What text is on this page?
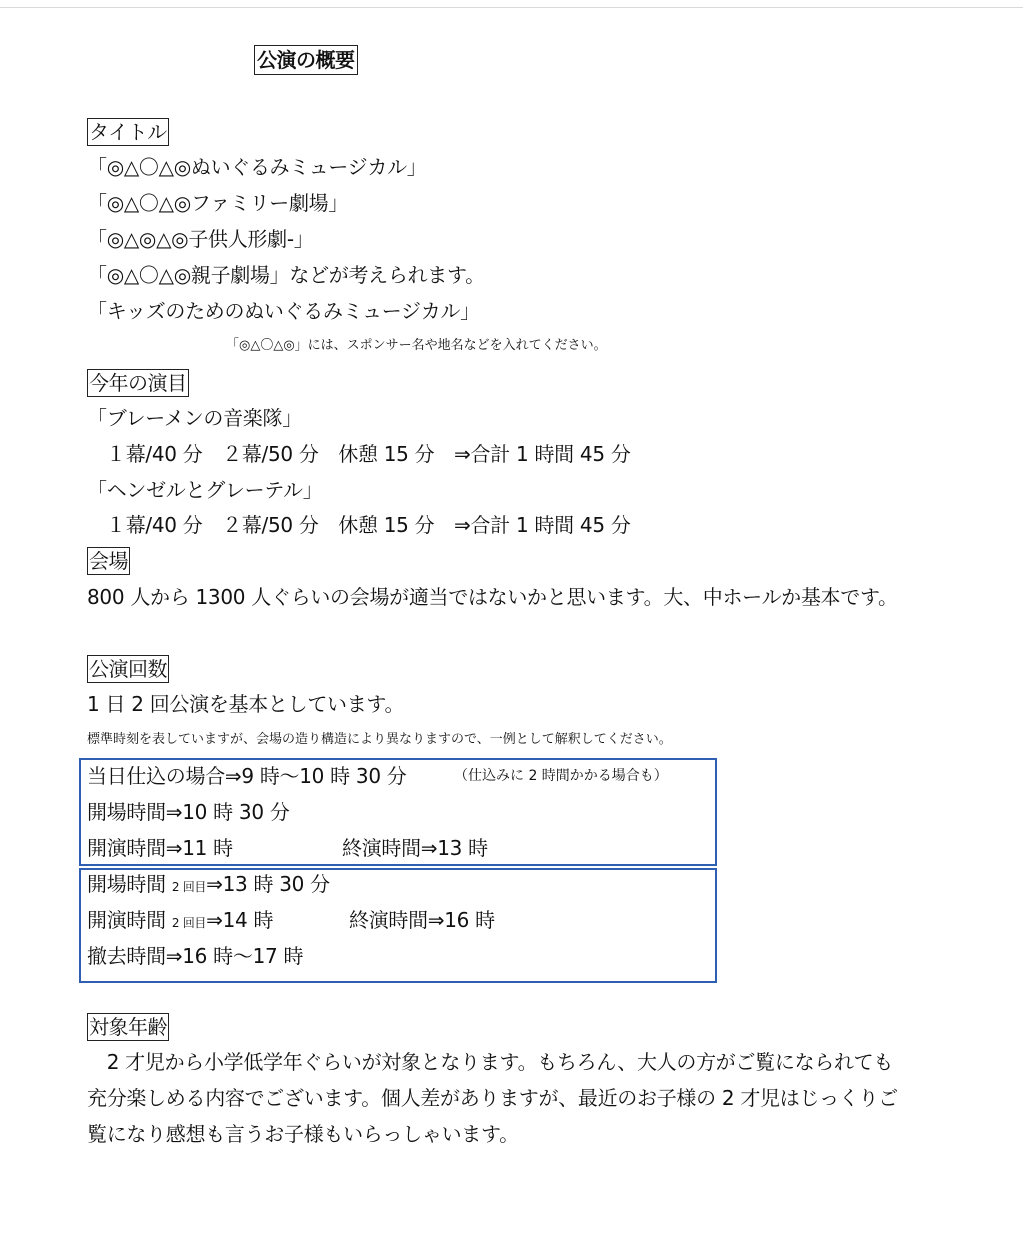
公演の概要
タイトル
「◎△〇△◎ぬいぐるみミュージカル」
「◎△〇△◎ファミリー劇場」
「◎△◎△◎子供人形劇-」
「◎△〇△◎親子劇場」などが考えられます。
「キッズのためのぬいぐるみミュージカル」
「◎△〇△◎」には、スポンサー名や地名などを入れてください。
今年の演目
「ブレーメンの音楽隊」
１幕/40 分　２幕/50 分　休憩 15 分　⇒合計 1 時間 45 分
「ヘンゼルとグレーテル」
１幕/40 分　２幕/50 分　休憩 15 分　⇒合計 1 時間 45 分
会場
800 人から 1300 人ぐらいの会場が適当ではないかと思います。大、中ホールか基本です。
公演回数
1 日 2 回公演を基本としています。
標準時刻を表していますが、会場の造り構造により異なりますので、一例として解釈してください。
当日仕込の場合⇒9 時～10 時 30 分	（仕込みに 2 時間かかる場合も）
開場時間⇒10 時 30 分
開演時間⇒11 時	終演時間⇒13 時
開場時間 2 回目⇒13 時 30 分
開演時間 2 回目⇒14 時	終演時間⇒16 時
撤去時間⇒16 時～17 時
対象年齢
　2 才児から小学低学年ぐらいが対象となります。もちろん、大人の方がご覧になられても
充分楽しめる内容でございます。個人差がありますが、最近のお子様の 2 才児はじっくりご
覧になり感想も言うお子様もいらっしゃいます。
